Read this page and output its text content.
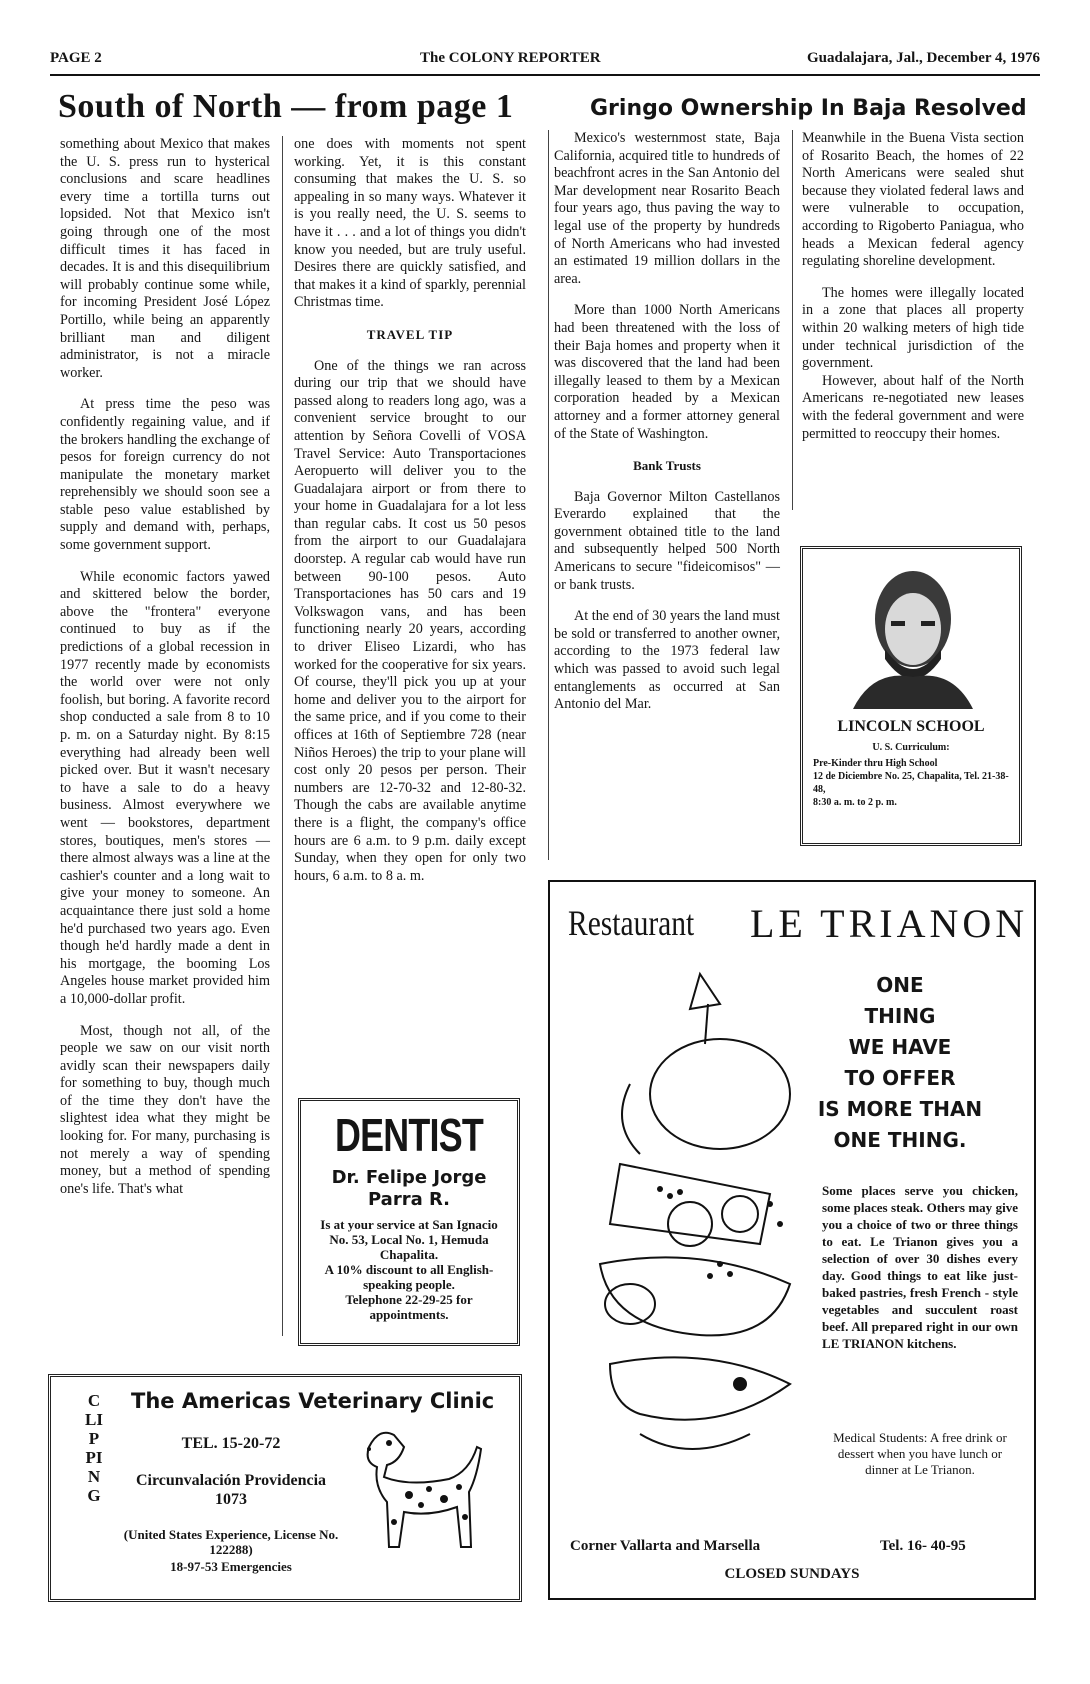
PAGE 2	The COLONY REPORTER	Guadalajara, Jal., December 4, 1976
South of North — from page 1

something about Mexico that makes the U. S. press run to hysterical conclusions and scare headlines every time a tortilla turns out lopsided. Not that Mexico isn't going through one of the most difficult times it has faced in decades. It is and this disequilibrium will probably continue some while, for incoming President José López Portillo, while being an apparently brilliant man and diligent administrator, is not a miracle worker.

At press time the peso was confidently regaining value, and if the brokers handling the exchange of pesos for foreign currency do not manipulate the monetary market reprehensibly we should soon see a stable peso value established by supply and demand with, perhaps, some government support.

While economic factors yawed and skittered below the border, above the "frontera" everyone continued to buy as if the predictions of a global recession in 1977 recently made by economists the world over were not only foolish, but boring. A favorite record shop conducted a sale from 8 to 10 p. m. on a Saturday night. By 8:15 everything had already been well picked over. But it wasn't necesary to have a sale to do a heavy business. Almost everywhere we went — bookstores, department stores, boutiques, men's stores — there almost always was a line at the cashier's counter and a long wait to give your money to someone. An acquaintance there just sold a home he'd purchased two years ago. Even though he'd hardly made a dent in his mortgage, the booming Los Angeles house market provided him a 10,000-dollar profit.

Most, though not all, of the people we saw on our visit north avidly scan their newspapers daily for something to buy, though much of the time they don't have the slightest idea what they might be looking for. For many, purchasing is not merely a way of spending money, but a method of spending one's life. That's what

one does with moments not spent working. Yet, it is this constant consuming that makes the U. S. so appealing in so many ways. Whatever it is you really need, the U. S. seems to have it . . . and a lot of things you didn't know you needed, but are truly useful. Desires there are quickly satisfied, and that makes it a kind of sparkly, perennial Christmas time.

TRAVEL TIP

One of the things we ran across during our trip that we should have passed along to readers long ago, was a convenient service brought to our attention by Señora Covelli of VOSA Travel Service: Auto Transportaciones Aeropuerto will deliver you to the Guadalajara airport or from there to your home in Guadalajara for a lot less than regular cabs. It cost us 50 pesos from the airport to our Guadalajara doorstep. A regular cab would have run between 90-100 pesos. Auto Transportaciones has 50 cars and 19 Volkswagon vans, and has been functioning nearly 20 years, according to driver Eliseo Lizardi, who has worked for the cooperative for six years. Of course, they'll pick you up at your home and deliver you to the airport for the same price, and if you come to their offices at 16th of Septiembre 728 (near Niños Heroes) the trip to your plane will cost only 20 pesos per person. Their numbers are 12-70-32 and 12-80-32. Though the cabs are available anytime there is a flight, the company's office hours are 6 a.m. to 9 p.m. daily except Sunday, when they open for only two hours, 6 a.m. to 8 a. m.

DENTIST
Dr. Felipe Jorge Parra R.
Is at your service at San Ignacio No. 53, Local No. 1, Hemuda Chapalita.
A 10% discount to all English-speaking people.
Telephone 22-29-25 for appointments.
Gringo Ownership In Baja Resolved

Mexico's westernmost state, Baja California, acquired title to hundreds of beachfront acres in the San Antonio del Mar development near Rosarito Beach four years ago, thus paving the way to legal use of the property by hundreds of North Americans who had invested an estimated 19 million dollars in the area.

More than 1000 North Americans had been threatened with the loss of their Baja homes and property when it was discovered that the land had been illegally leased to them by a Mexican corporation headed by a Mexican attorney and a former attorney general of the State of Washington.

Bank Trusts

Baja Governor Milton Castellanos Everardo explained that the government obtained title to the land and subsequently helped 500 North Americans to secure "fideicomisos" — or bank trusts.

At the end of 30 years the land must be sold or transferred to another owner, according to the 1973 federal law which was passed to avoid such legal entanglements as occurred at San Antonio del Mar.

Meanwhile in the Buena Vista section of Rosarito Beach, the homes of 22 North Americans were sealed shut because they violated federal laws and were vulnerable to occupation, according to Rigoberto Paniagua, who heads a Mexican federal agency regulating shoreline development.

The homes were illegally located in a zone that places all property within 20 walking meters of high tide under technical jurisdiction of the government.

However, about half of the North Americans re-negotiated new leases with the federal government and were permitted to reoccupy their homes.

LINCOLN SCHOOL
U. S. Curriculum:
Pre-Kinder thru High School
12 de Diciembre No. 25, Chapalita, Tel. 21-38-48,
8:30 a. m. to 2 p. m.
Restaurant	LE TRIANON
ONE
THING
WE HAVE
TO OFFER
IS MORE THAN
ONE THING.
Some places serve you chicken, some places steak. Others may give you a choice of two or three things to eat. Le Trianon gives you a selection of over 30 dishes every day. Good things to eat like just-baked pastries, fresh French - style vegetables and succulent roast beef. All prepared right in our own LE TRIANON kitchens.
Medical Students: A free drink or dessert when you have lunch or dinner at Le Trianon.
Corner Vallarta and Marsella	Tel. 16- 40-95
CLOSED SUNDAYS
CLIPPING
The Americas Veterinary Clinic
TEL. 15-20-72
Circunvalación Providencia 1073
(United States Experience, License No. 122288)
18-97-53 Emergencies
